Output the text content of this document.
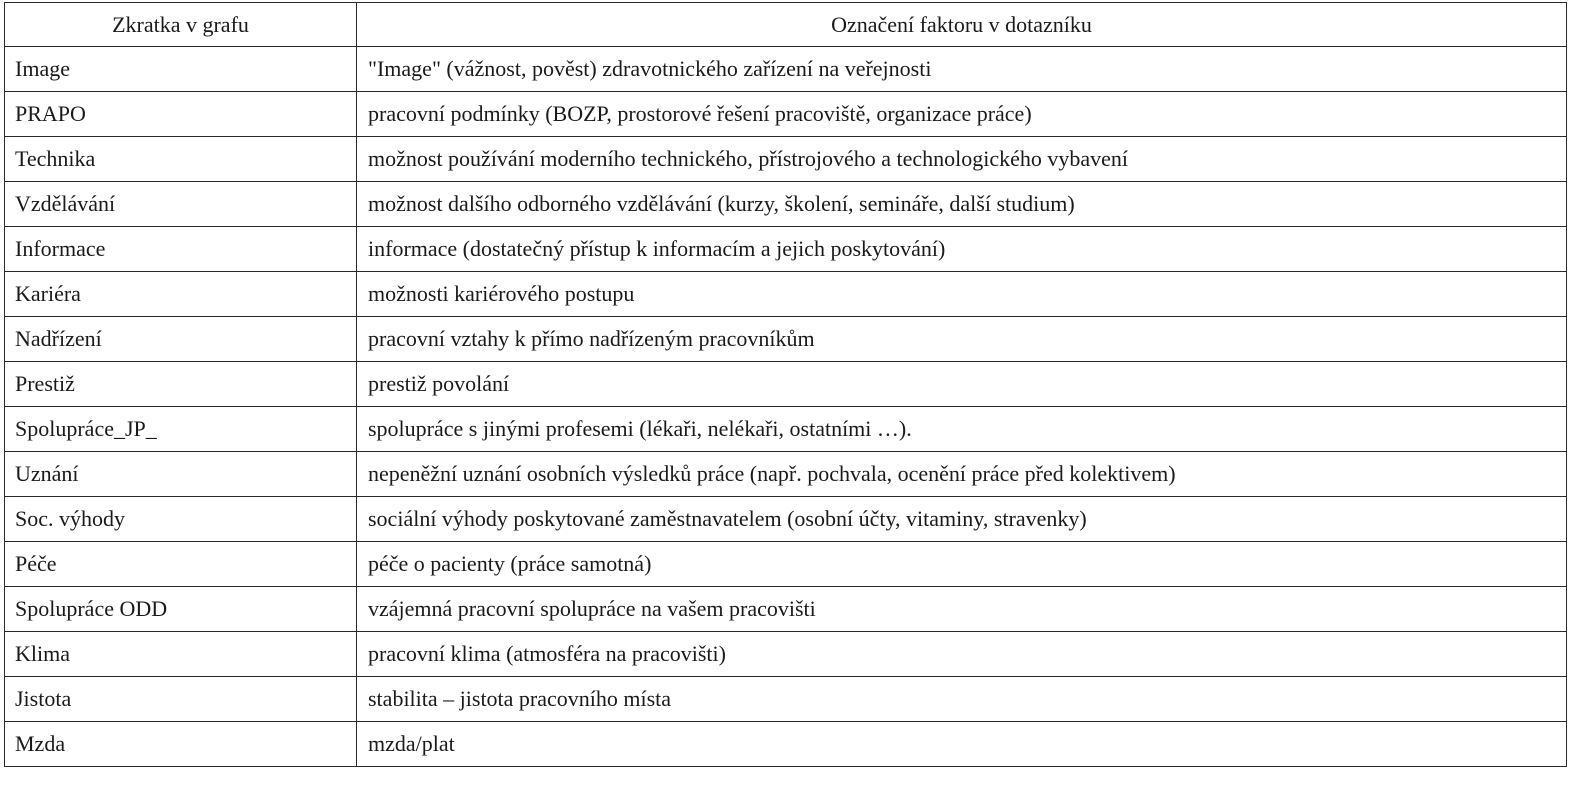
Zkratka v grafu	Označení faktoru v dotazníku
Image	"Image" (vážnost, pověst) zdravotnického zařízení na veřejnosti
PRAPO	pracovní podmínky (BOZP, prostorové řešení pracoviště, organizace práce)
Technika	možnost používání moderního technického, přístrojového a technologického vybavení
Vzdělávání	možnost dalšího odborného vzdělávání (kurzy, školení, semináře, další studium)
Informace	informace (dostatečný přístup k informacím a jejich poskytování)
Kariéra	možnosti kariérového postupu
Nadřízení	pracovní vztahy k přímo nadřízeným pracovníkům
Prestiž	prestiž povolání
Spolupráce_JP_	spolupráce s jinými profesemi (lékaři, nelékaři, ostatními …).
Uznání	nepeněžní uznání osobních výsledků práce (např. pochvala, ocenění práce před kolektivem)
Soc. výhody	sociální výhody poskytované zaměstnavatelem (osobní účty, vitaminy, stravenky)
Péče	péče o pacienty (práce samotná)
Spolupráce ODD	vzájemná pracovní spolupráce na vašem pracovišti
Klima	pracovní klima (atmosféra na pracovišti)
Jistota	stabilita – jistota pracovního místa
Mzda	mzda/plat
